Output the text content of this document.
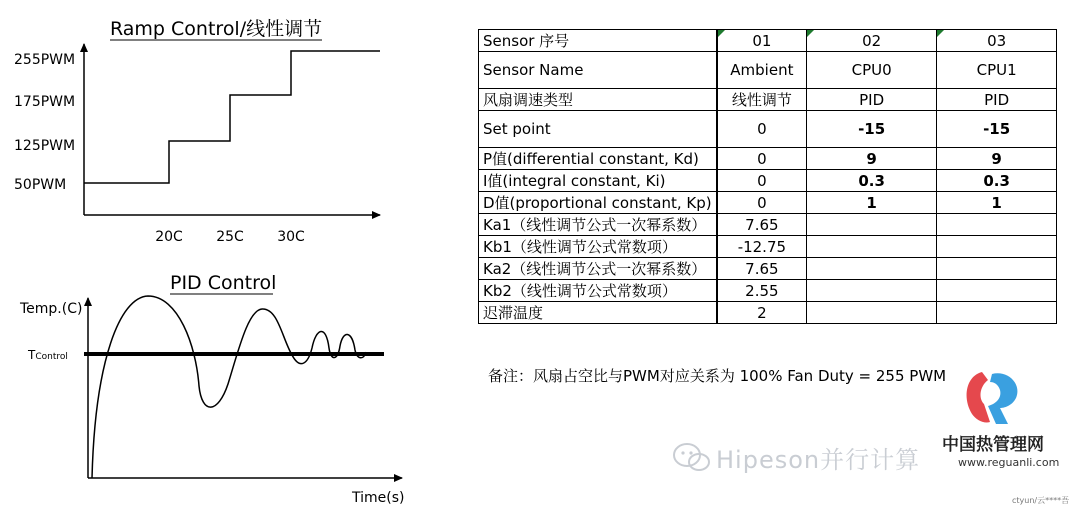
Ramp Control/线性调节
255PWM
175PWM
125PWM
50PWM
20C 25C 30C
PID Control
Temp.(C)
TControl
Time(s)
Sensor 序号	01	02	03
Sensor Name	Ambient	CPU0	CPU1
风扇调速类型	线性调节	PID	PID
Set point	0	-15	-15
P值(differential constant, Kd)	0	9	9
I值(integral constant, Ki)	0	0.3	0.3
D值(proportional constant, Kp)	0	1	1
Ka1（线性调节公式一次幂系数）	7.65		
Kb1（线性调节公式常数项）	-12.75		
Ka2（线性调节公式一次幂系数）	7.65		
Kb2（线性调节公式常数项）	2.55		
迟滞温度	2		
备注：风扇占空比与PWM对应关系为 100% Fan Duty = 255 PWM
Hipeson并行计算
中国热管理网
www.reguanli.com
ctyun/云****吾
